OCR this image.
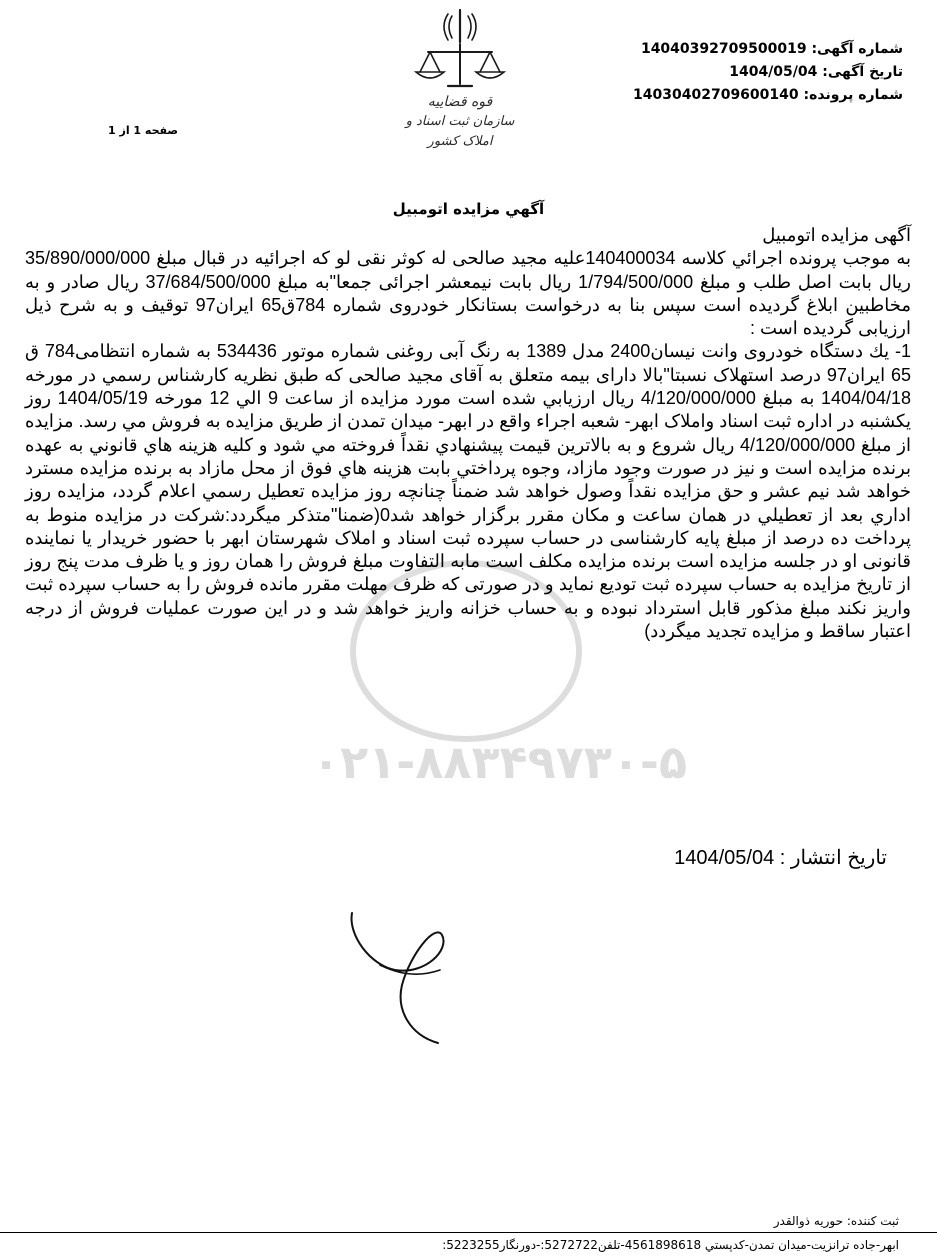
شماره آگهی: 14040392709500019
تاریخ آگهی: 1404/05/04
شماره پرونده: 14030402709600140
صفحه 1 از 1
قوه قضاییه
سازمان ثبت اسناد و املاک کشور
آگهي مزايده اتومبيل
۰۲۱-۸۸۳۴۹۷۳۰-۵

آگهی مزایده اتومبیل

به موجب پرونده اجرائي کلاسه 140400034علیه مجید صالحی له کوثر نقی لو که اجرائیه در قبال مبلغ 35/890/000/000 ریال بابت اصل طلب و مبلغ 1/794/500/000 ریال بابت نیمعشر اجرائی جمعا"به مبلغ 37/684/500/000 ریال صادر و به مخاطبین ابلاغ گردیده است سپس بنا به درخواست بستانکار خودروی شماره 784ق65 ایران97 توقیف و به شرح ذیل ارزیابی گردیده است :

1- يك دستگاه خودروی وانت نیسان2400 مدل 1389 به رنگ آبی روغنی شماره موتور 534436 به شماره انتظامی784 ق 65 ایران97 درصد استهلاک نسبتا"بالا دارای بیمه متعلق به آقای مجید صالحی که طبق نظريه كارشناس رسمي در مورخه 1404/04/18 به مبلغ 4/120/000/000 ريال ارزيابي شده است مورد مزايده از ساعت 9 الي 12 مورخه 1404/05/19 روز يكشنبه در اداره ثبت اسناد واملاک ابهر- شعبه اجراء واقع در ابهر- میدان تمدن از طريق مزايده به فروش مي رسد. مزايده از مبلغ 4/120/000/000 ريال شروع و به بالاترين قيمت پيشنهادي نقداً فروخته مي شود و كليه هزينه هاي قانوني به عهده برنده مزايده است و نيز در صورت وجود مازاد، وجوه پرداختي بابت هزينه هاي فوق از محل مازاد به برنده مزايده مسترد خواهد شد نیم عشر و حق مزایده نقداً وصول خواهد شد ضمناً چنانچه روز مزايده تعطيل رسمي اعلام گردد، مزايده روز اداري بعد از تعطيلي در همان ساعت و مكان مقرر برگزار خواهد شد0(ضمنا"متذکر میگردد:شرکت در مزایده منوط به پرداخت ده درصد از مبلغ پایه کارشناسی در حساب سپرده ثبت اسناد و املاک شهرستان ابهر با حضور خریدار یا نماینده قانونی او در جلسه مزایده است برنده مزایده مکلف است مابه التفاوت مبلغ فروش را همان روز و یا ظرف مدت پنج روز از تاریخ مزایده به حساب سپرده ثبت تودیع نماید و در صورتی که ظرف مهلت مقرر مانده فروش را به حساب سپرده ثبت واریز نکند مبلغ مذکور قابل استرداد نبوده و به حساب خزانه واریز خواهد شد و در این صورت عملیات فروش از درجه اعتبار ساقط و مزایده تجدید میگردد)

تاریخ انتشار : 1404/05/04
ثبت كننده: حوريه ذوالقدر
ابهر-جاده ترانزيت-ميدان تمدن-كدپستي 4561898618-تلفن5272722:-دورنگار5223255:
